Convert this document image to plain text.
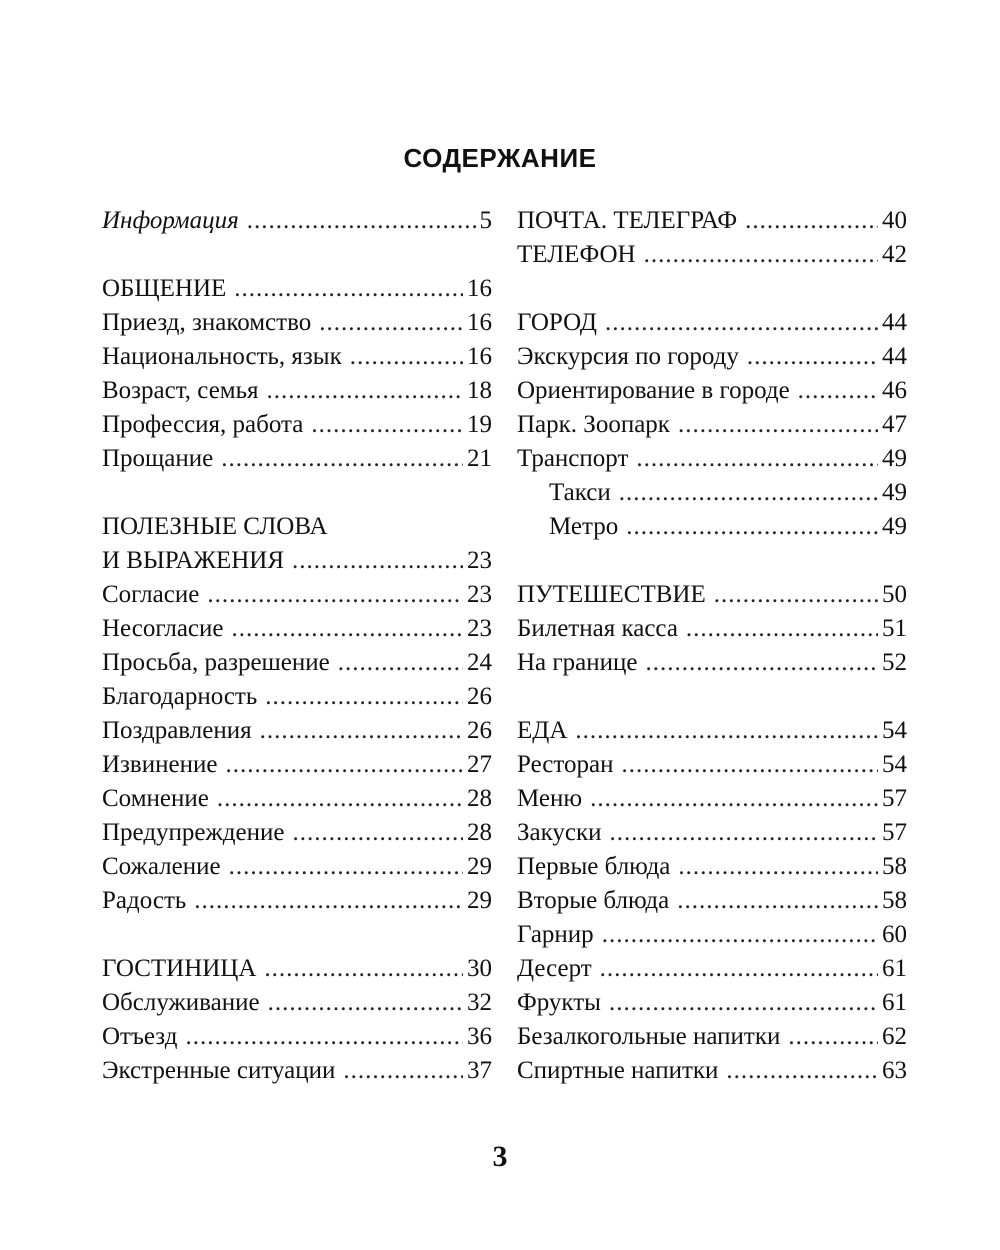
СОДЕРЖАНИЕ
Информация .....	5
ОБЩЕНИЕ .....	16
Приезд, знакомство .....	16
Национальность, язык .....	16
Возраст, семья .....	18
Профессия, работа .....	19
Прощание .....	21
ПОЛЕЗНЫЕ СЛОВА
И ВЫРАЖЕНИЯ .....	23
Согласие .....	23
Несогласие .....	23
Просьба, разрешение .....	24
Благодарность .....	26
Поздравления .....	26
Извинение .....	27
Сомнение .....	28
Предупреждение .....	28
Сожаление .....	29
Радость .....	29
ГОСТИНИЦА .....	30
Обслуживание .....	32
Отъезд .....	36
Экстренные ситуации .....	37
ПОЧТА. ТЕЛЕГРАФ .....	40
ТЕЛЕФОН .....	42
ГОРОД .....	44
Экскурсия по городу .....	44
Ориентирование в городе .....	46
Парк. Зоопарк .....	47
Транспорт .....	49
Такси .....	49
Метро .....	49
ПУТЕШЕСТВИЕ .....	50
Билетная касса .....	51
На границе .....	52
ЕДА .....	54
Ресторан .....	54
Меню .....	57
Закуски .....	57
Первые блюда .....	58
Вторые блюда .....	58
Гарнир .....	60
Десерт .....	61
Фрукты .....	61
Безалкогольные напитки .....	62
Спиртные напитки .....	63
3
